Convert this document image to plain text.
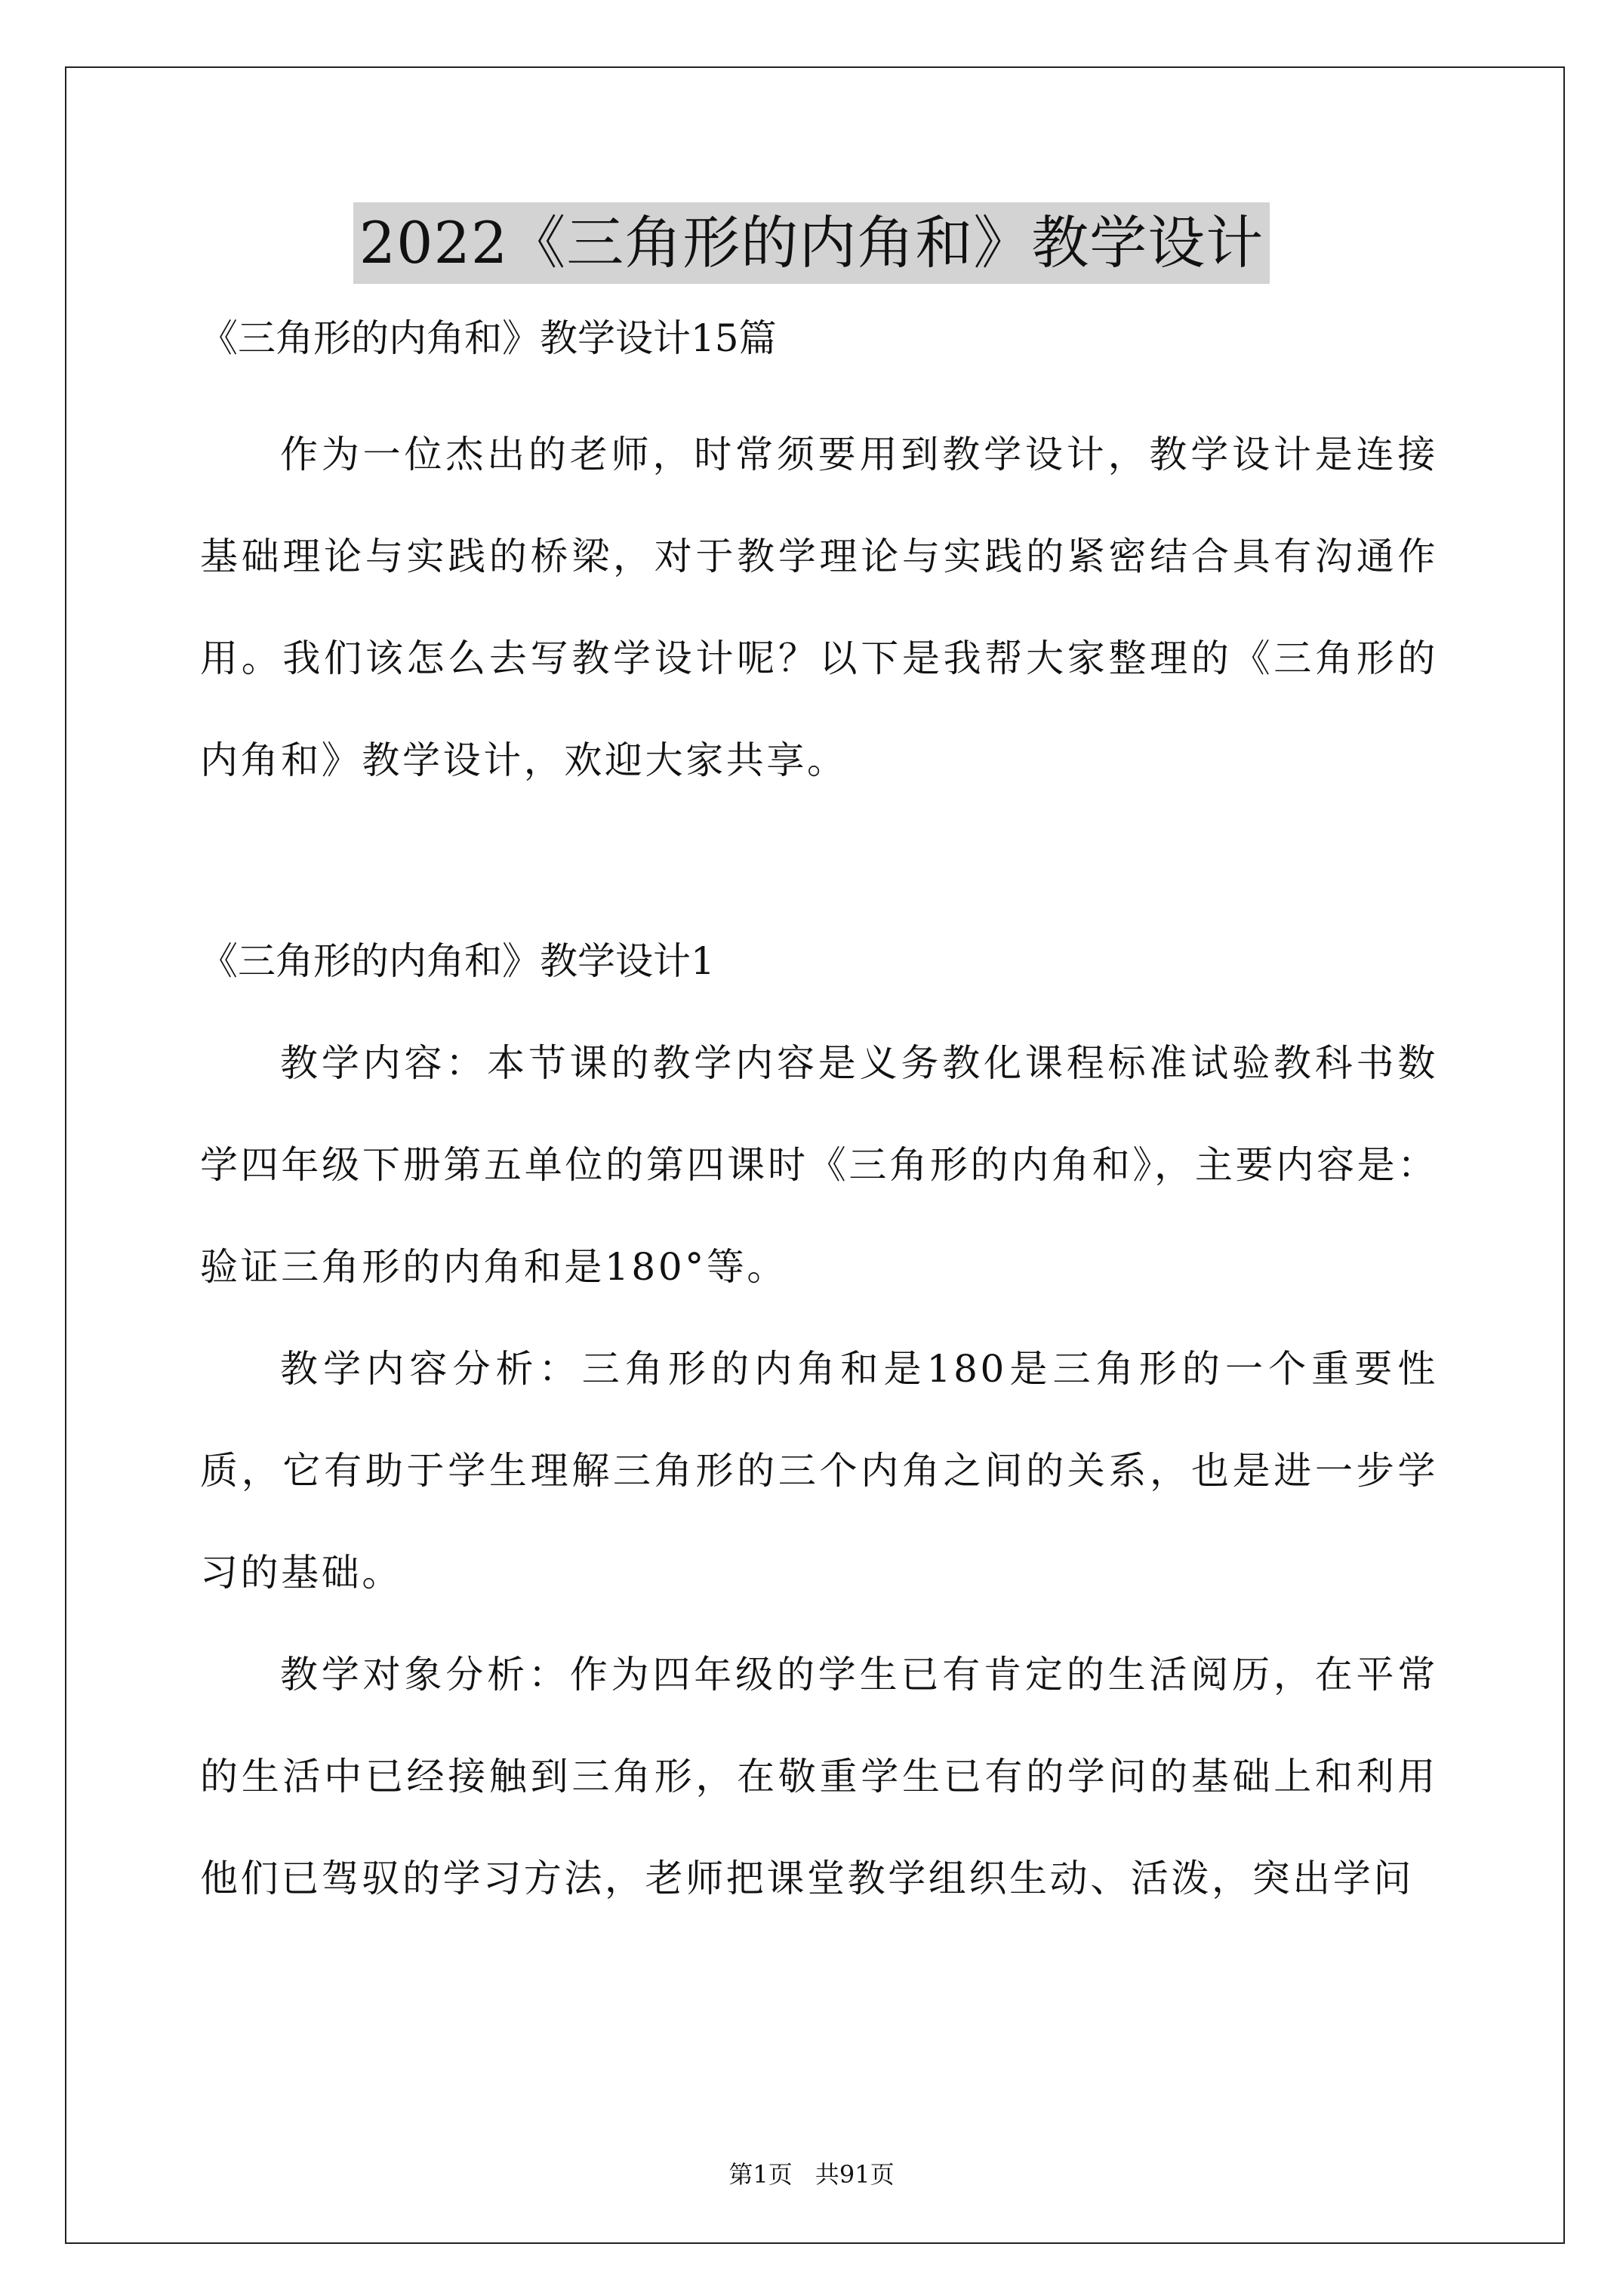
2022《三角形的内角和》教学设计

《三角形的内角和》教学设计15篇

作为一位杰出的老师，时常须要用到教学设计，教学设计是连接基础理论与实践的桥梁，对于教学理论与实践的紧密结合具有沟通作用。我们该怎么去写教学设计呢？以下是我帮大家整理的《三角形的内角和》教学设计，欢迎大家共享。

《三角形的内角和》教学设计1

教学内容：本节课的教学内容是义务教化课程标准试验教科书数学四年级下册第五单位的第四课时《三角形的内角和》，主要内容是：验证三角形的内角和是180°等。

教学内容分析：三角形的内角和是180是三角形的一个重要性质，它有助于学生理解三角形的三个内角之间的关系，也是进一步学习的基础。

教学对象分析：作为四年级的学生已有肯定的生活阅历，在平常的生活中已经接触到三角形，在敬重学生已有的学问的基础上和利用他们已驾驭的学习方法，老师把课堂教学组织生动、活泼，突出学问

第1页 共91页
